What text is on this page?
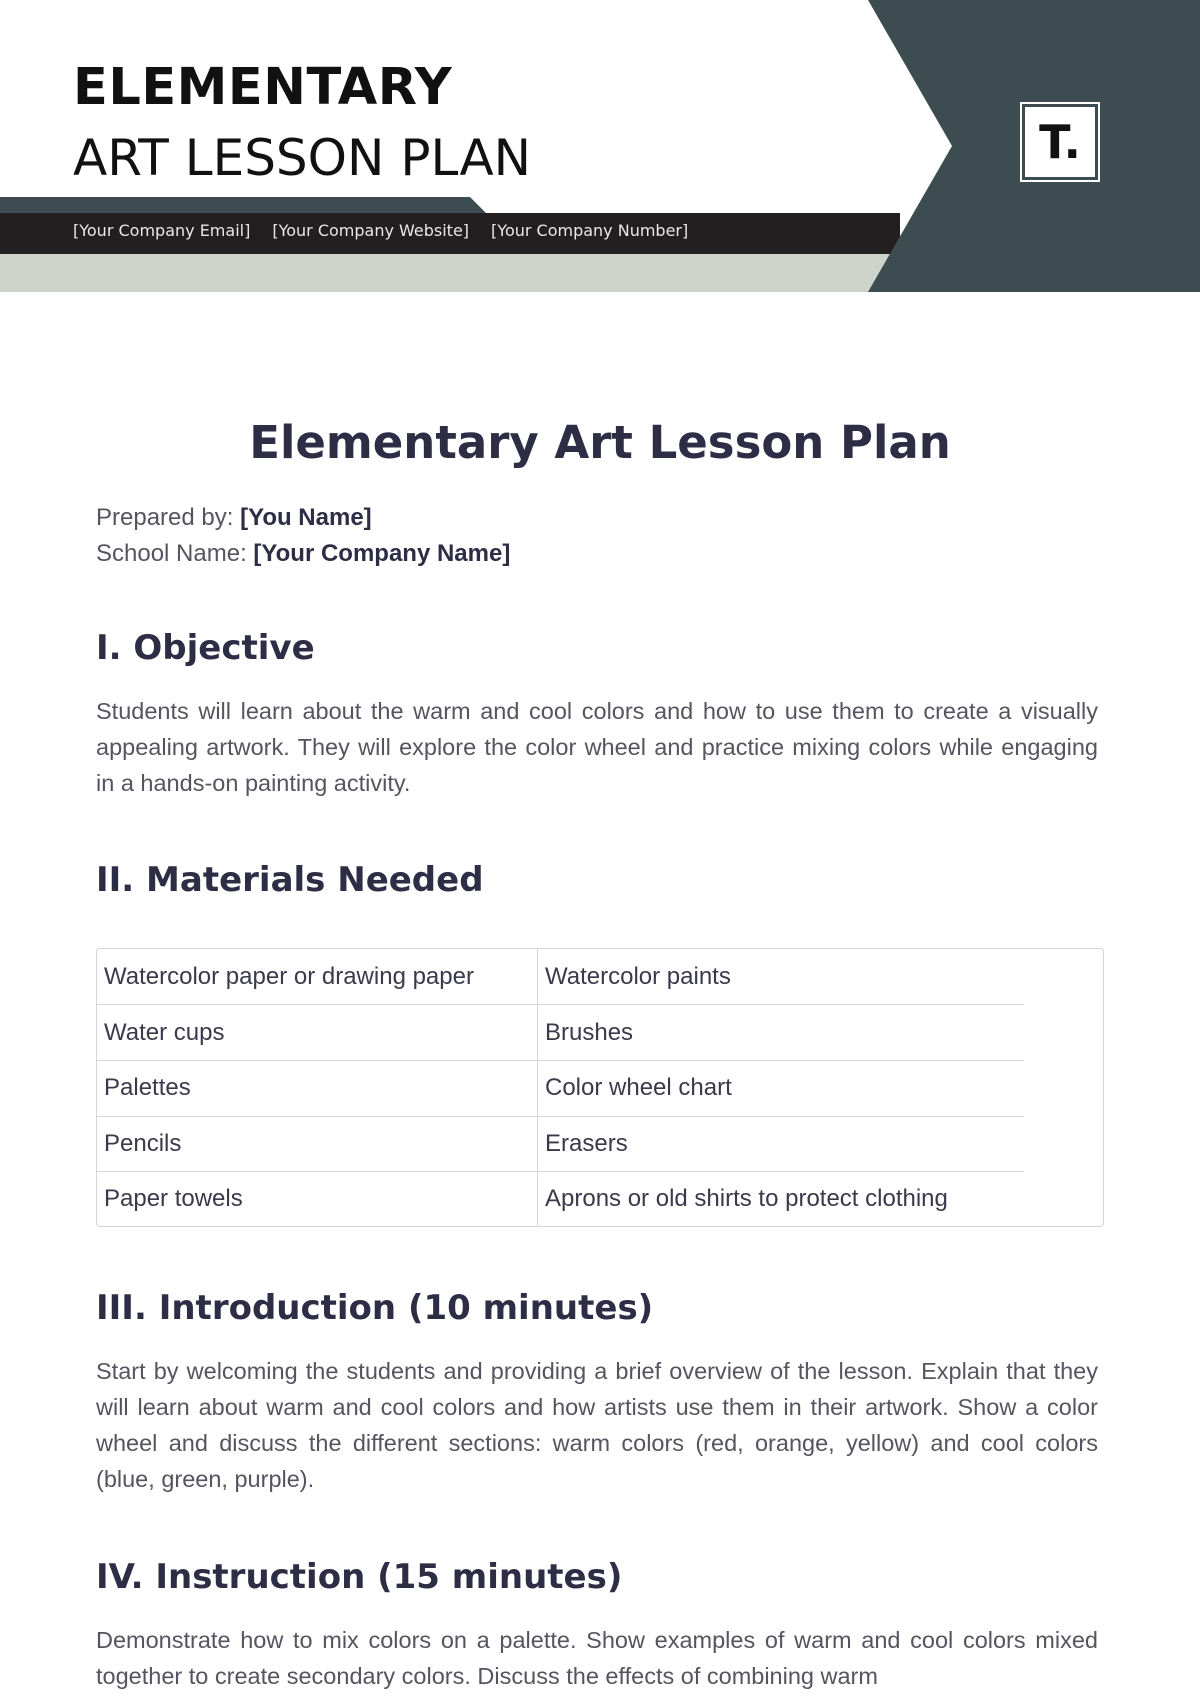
ELEMENTARY
ART LESSON PLAN
[Your Company Email] [Your Company Website] [Your Company Number]
T.
Elementary Art Lesson Plan
Prepared by: [You Name]
School Name: [Your Company Name]
I. Objective
Students will learn about the warm and cool colors and how to use them to create a visually appealing artwork. They will explore the color wheel and practice mixing colors while engaging in a hands-on painting activity.
II. Materials Needed
Watercolor paper or drawing paper	Watercolor paints
Water cups	Brushes
Palettes	Color wheel chart
Pencils	Erasers
Paper towels	Aprons or old shirts to protect clothing
III. Introduction (10 minutes)
Start by welcoming the students and providing a brief overview of the lesson. Explain that they will learn about warm and cool colors and how artists use them in their artwork. Show a color wheel and discuss the different sections: warm colors (red, orange, yellow) and cool colors (blue, green, purple).
IV. Instruction (15 minutes)
Demonstrate how to mix colors on a palette. Show examples of warm and cool colors mixed together to create secondary colors. Discuss the effects of combining warm
